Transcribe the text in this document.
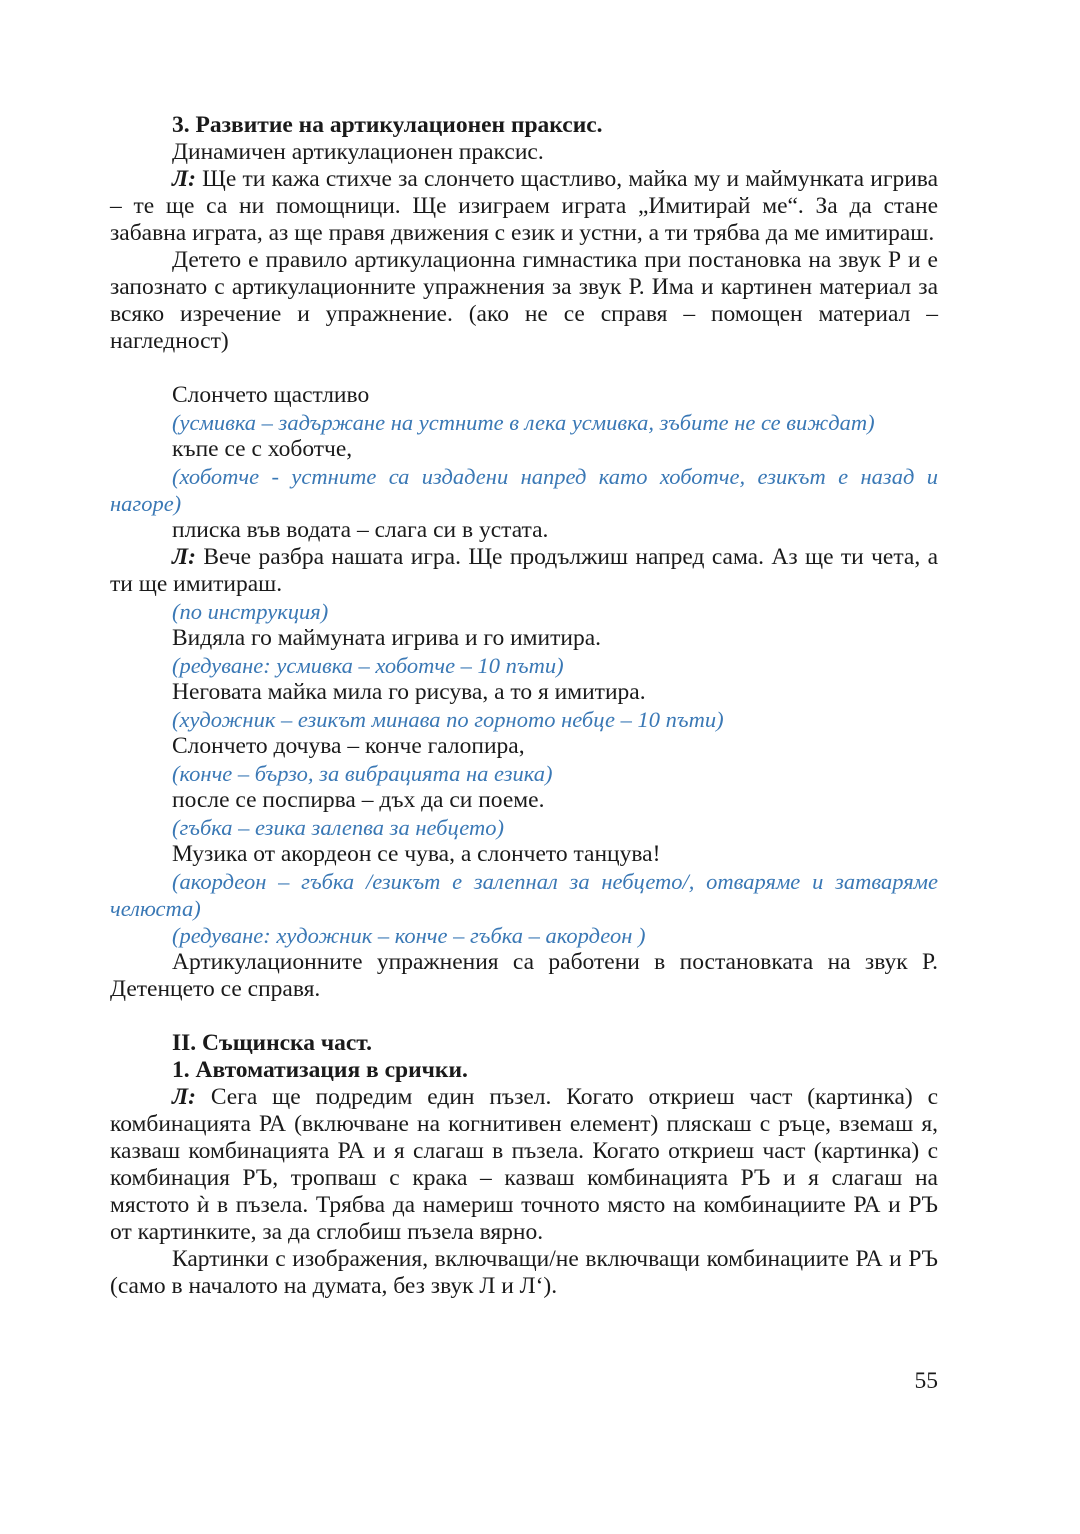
3. Развитие на артикулационен праксис.

Динамичен артикулационен праксис.

Л: Ще ти кажа стихче за слончето щастливо, майка му и маймунката игрива – те ще са ни помощници. Ще изиграем играта „Имитирай ме“. За да стане забавна играта, аз ще правя движения с език и устни, а ти трябва да ме имитираш.

Детето е правило артикулационна гимнастика при постановка на звук Р и е запознато с артикулационните упражнения за звук Р. Има и картинен материал за всяко изречение и упражнение. (ако не се справя – помощен материал – нагледност)

Слончето щастливо

(усмивка – задържане на устните в лека усмивка, зъбите не се виждат)

къпе се с хоботче,

(хоботче - устните са издадени напред като хоботче, езикът е назад и нагоре)

плиска във водата – слага си в устата.

Л: Вече разбра нашата игра. Ще продължиш напред сама. Аз ще ти чета, а ти ще имитираш.

(по инструкция)

Видяла го маймуната игрива и го имитира.

(редуване: усмивка – хоботче – 10 пъти)

Неговата майка мила го рисува, а то я имитира.

(художник – езикът минава по горното небце – 10 пъти)

Слончето дочува – конче галопира,

(конче – бързо, за вибрацията на езика)

после се поспирва – дъх да си поеме.

(гъбка – езика залепва за небцето)

Музика от акордеон се чува, а слончето танцува!

(акордеон – гъбка /езикът е залепнал за небцето/, отваряме и затваряме челюста)

(редуване: художник – конче – гъбка – акордеон )

Артикулационните упражнения са работени в постановката на звук Р. Детенцето се справя.

II. Същинска част.

1. Автоматизация в срички.

Л: Сега ще подредим един пъзел. Когато откриеш част (картинка) с комбинацията РА (включване на когнитивен елемент) пляскаш с ръце, вземаш я, казваш комбинацията РА и я слагаш в пъзела. Когато откриеш част (картинка) с комбинация РЪ, тропваш с крака – казваш комбинацията РЪ и я слагаш на мястото ѝ в пъзела. Трябва да намериш точното място на комбинациите РА и РЪ от картинките, за да сглобиш пъзела вярно.

Картинки с изображения, включващи/не включващи комбинациите РА и РЪ (само в началото на думата, без звук Л и Л‘).

55
